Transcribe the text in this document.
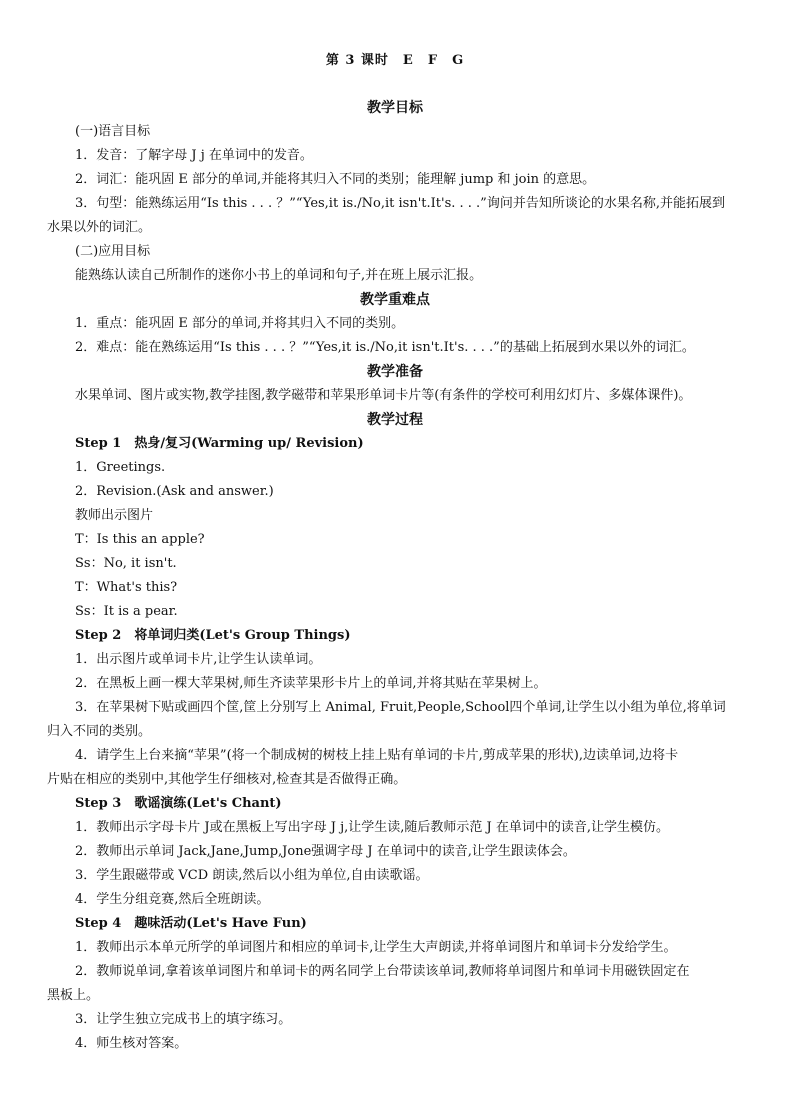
第 3 课时　E　F　G
教学目标
(一)语言目标
1．发音：了解字母 J j 在单词中的发音。
2．词汇：能巩固 E 部分的单词,并能将其归入不同的类别；能理解 jump 和 join 的意思。
3．句型：能熟练运用“Is this . . . ？”“Yes,it is./No,it isn't.It's. . . .”询问并告知所谈论的水果名称,并能拓展到
水果以外的词汇。
(二)应用目标
能熟练认读自己所制作的迷你小书上的单词和句子,并在班上展示汇报。
教学重难点
1．重点：能巩固 E 部分的单词,并将其归入不同的类别。
2．难点：能在熟练运用“Is this . . . ？”“Yes,it is./No,it isn't.It's. . . .”的基础上拓展到水果以外的词汇。
教学准备
水果单词、图片或实物,教学挂图,教学磁带和苹果形单词卡片等(有条件的学校可利用幻灯片、多媒体课件)。
教学过程
Step 1　热身/复习(Warming up/ Revision)
1．Greetings.
2．Revision.(Ask and answer.)
教师出示图片
T：Is this an apple?
Ss：No, it isn't.
T：What's this?
Ss：It is a pear.
Step 2　将单词归类(Let's Group Things)
1．出示图片或单词卡片,让学生认读单词。
2．在黑板上画一棵大苹果树,师生齐读苹果形卡片上的单词,并将其贴在苹果树上。
3．在苹果树下贴或画四个筐,筐上分别写上 Animal, Fruit,People,School四个单词,让学生以小组为单位,将单词
归入不同的类别。
4．请学生上台来摘“苹果”(将一个制成树的树枝上挂上贴有单词的卡片,剪成苹果的形状),边读单词,边将卡
片贴在相应的类别中,其他学生仔细核对,检查其是否做得正确。
Step 3　歌谣演练(Let's Chant)
1．教师出示字母卡片 J或在黑板上写出字母 J j,让学生读,随后教师示范 J 在单词中的读音,让学生模仿。
2．教师出示单词 Jack,Jane,Jump,Jone强调字母 J 在单词中的读音,让学生跟读体会。
3．学生跟磁带或 VCD 朗读,然后以小组为单位,自由读歌谣。
4．学生分组竞赛,然后全班朗读。
Step 4　趣味活动(Let's Have Fun)
1．教师出示本单元所学的单词图片和相应的单词卡,让学生大声朗读,并将单词图片和单词卡分发给学生。
2．教师说单词,拿着该单词图片和单词卡的两名同学上台带读该单词,教师将单词图片和单词卡用磁铁固定在
黑板上。
3．让学生独立完成书上的填字练习。
4．师生核对答案。
